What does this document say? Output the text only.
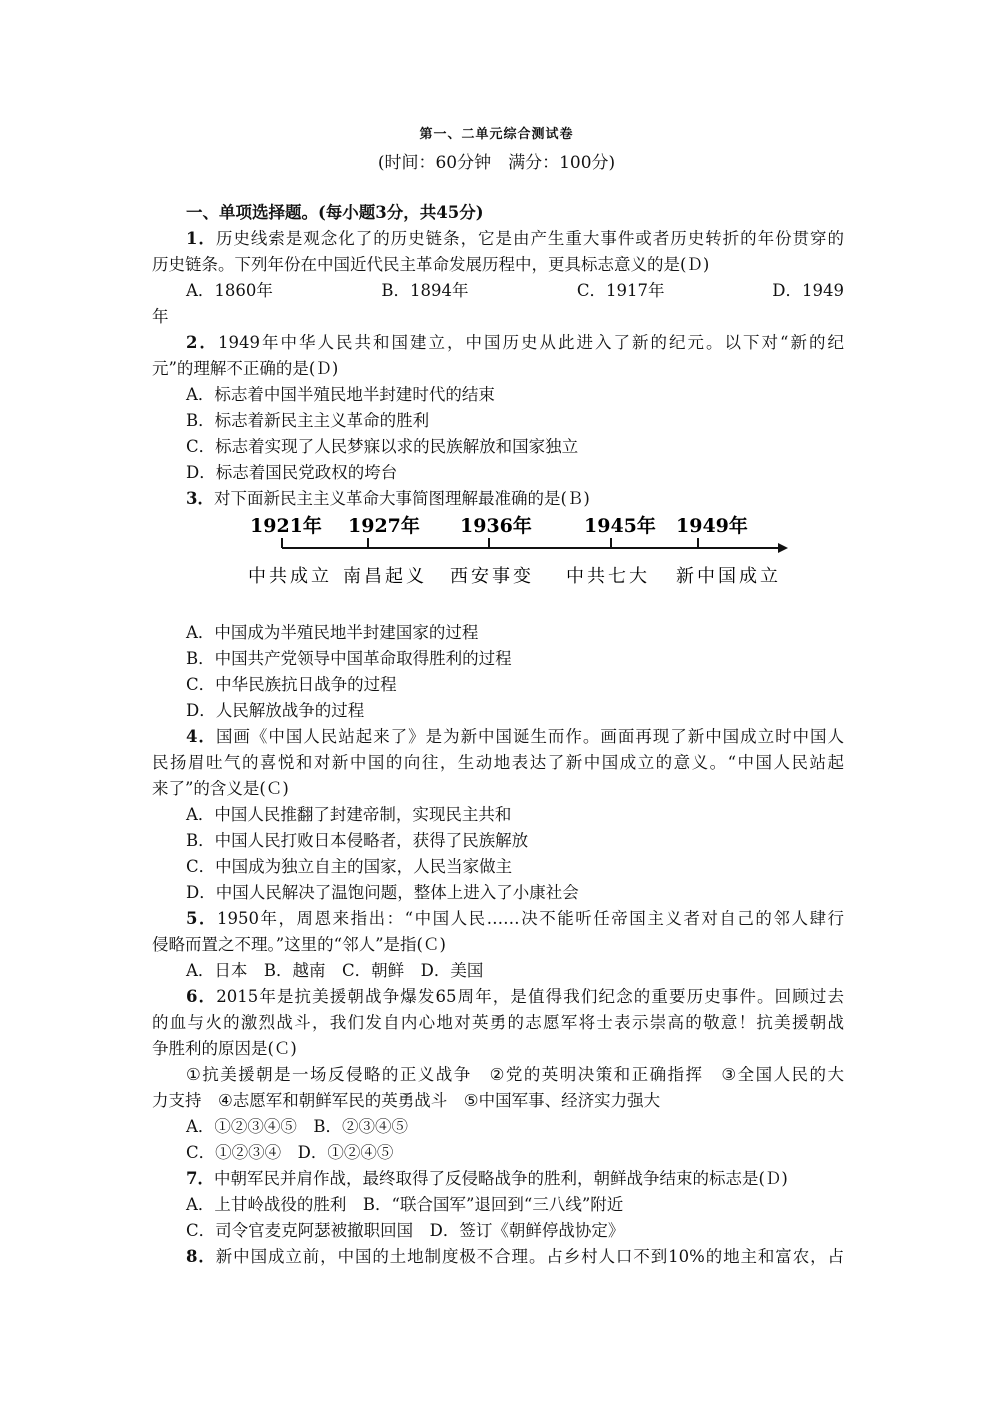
第一、二单元综合测试卷
(时间：60分钟　满分：100分)
一、单项选择题。(每小题3分，共45分)
1．历史线索是观念化了的历史链条，它是由产生重大事件或者历史转折的年份贯穿的
历史链条。下列年份在中国近代民主革命发展历程中，更具标志意义的是(Ｄ)
A．1860年	B．1894年	C．1917年	D．1949
年
2．1949年中华人民共和国建立，中国历史从此进入了新的纪元。以下对“新的纪
元”的理解不正确的是(Ｄ)
A．标志着中国半殖民地半封建时代的结束
B．标志着新民主主义革命的胜利
C．标志着实现了人民梦寐以求的民族解放和国家独立
D．标志着国民党政权的垮台
3．对下面新民主主义革命大事简图理解最准确的是(Ｂ)
1921年 1927年 1936年	1945年 1949年
中共成立 南昌起义 西安事变 中共七大 新中国成立
A．中国成为半殖民地半封建国家的过程
B．中国共产党领导中国革命取得胜利的过程
C．中华民族抗日战争的过程
D．人民解放战争的过程
4．国画《中国人民站起来了》是为新中国诞生而作。画面再现了新中国成立时中国人
民扬眉吐气的喜悦和对新中国的向往，生动地表达了新中国成立的意义。“中国人民站起
来了”的含义是(Ｃ)
A．中国人民推翻了封建帝制，实现民主共和
B．中国人民打败日本侵略者，获得了民族解放
C．中国成为独立自主的国家，人民当家做主
D．中国人民解决了温饱问题，整体上进入了小康社会
5．1950年，周恩来指出：“中国人民……决不能听任帝国主义者对自己的邻人肆行
侵略而置之不理。”这里的“邻人”是指(Ｃ)
A．日本　B．越南　C．朝鲜　D．美国
6．2015年是抗美援朝战争爆发65周年，是值得我们纪念的重要历史事件。回顾过去
的血与火的激烈战斗，我们发自内心地对英勇的志愿军将士表示崇高的敬意！抗美援朝战
争胜利的原因是(Ｃ)
①抗美援朝是一场反侵略的正义战争　②党的英明决策和正确指挥　③全国人民的大
力支持　④志愿军和朝鲜军民的英勇战斗　⑤中国军事、经济实力强大
A．①②③④⑤　B．②③④⑤
C．①②③④　D．①②④⑤
7．中朝军民并肩作战，最终取得了反侵略战争的胜利，朝鲜战争结束的标志是(Ｄ)
A．上甘岭战役的胜利　B．“联合国军”退回到“三八线”附近
C．司令官麦克阿瑟被撤职回国　D．签订《朝鲜停战协定》
8．新中国成立前，中国的土地制度极不合理。占乡村人口不到10%的地主和富农，占
